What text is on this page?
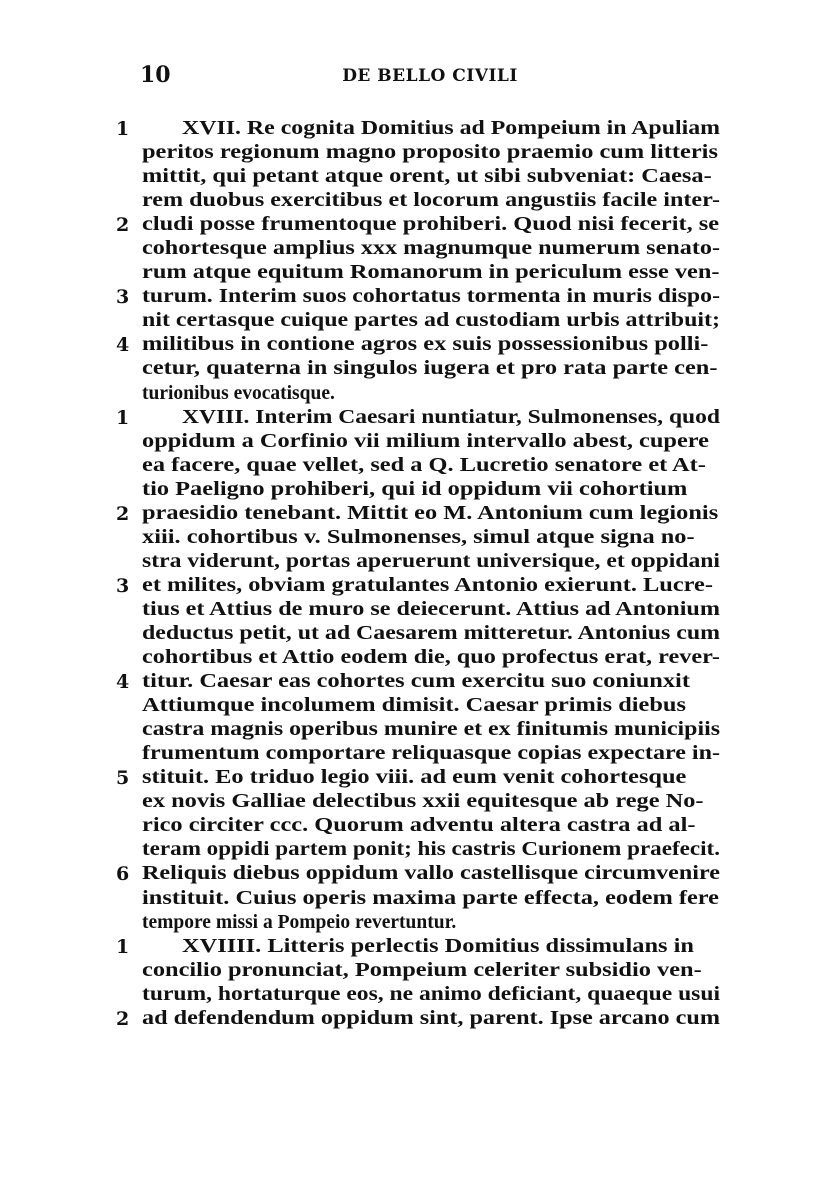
10	DE BELLO CIVILI
1	XVII. Re cognita Domitius ad Pompeium in Apuliam
peritos regionum magno proposito praemio cum litteris
mittit, qui petant atque orent, ut sibi subveniat: Caesa-
rem duobus exercitibus et locorum angustiis facile inter-
2 cludi posse frumentoque prohiberi. Quod nisi fecerit, se
cohortesque amplius xxx magnumque numerum senato-
rum atque equitum Romanorum in periculum esse ven-
3 turum. Interim suos cohortatus tormenta in muris dispo-
nit certasque cuique partes ad custodiam urbis attribuit;
4 militibus in contione agros ex suis possessionibus polli-
cetur, quaterna in singulos iugera et pro rata parte cen-
turionibus evocatisque.
1	XVIII. Interim Caesari nuntiatur, Sulmonenses, quod
oppidum a Corfinio vii milium intervallo abest, cupere
ea facere, quae vellet, sed a Q. Lucretio senatore et At-
tio Paeligno prohiberi, qui id oppidum vii cohortium
2 praesidio tenebant. Mittit eo M. Antonium cum legionis
xiii. cohortibus v. Sulmonenses, simul atque signa no-
stra viderunt, portas aperuerunt universique, et oppidani
3 et milites, obviam gratulantes Antonio exierunt. Lucre-
tius et Attius de muro se deiecerunt. Attius ad Antonium
deductus petit, ut ad Caesarem mitteretur. Antonius cum
cohortibus et Attio eodem die, quo profectus erat, rever-
4 titur. Caesar eas cohortes cum exercitu suo coniunxit
Attiumque incolumem dimisit. Caesar primis diebus
castra magnis operibus munire et ex finitumis municipiis
frumentum comportare reliquasque copias expectare in-
5 stituit. Eo triduo legio viii. ad eum venit cohortesque
ex novis Galliae delectibus xxii equitesque ab rege No-
rico circiter ccc. Quorum adventu altera castra ad al-
teram oppidi partem ponit; his castris Curionem praefecit.
6 Reliquis diebus oppidum vallo castellisque circumvenire
instituit. Cuius operis maxima parte effecta, eodem fere
tempore missi a Pompeio revertuntur.
1	XVIIII. Litteris perlectis Domitius dissimulans in
concilio pronunciat, Pompeium celeriter subsidio ven-
turum, hortaturque eos, ne animo deficiant, quaeque usui
2 ad defendendum oppidum sint, parent. Ipse arcano cum
